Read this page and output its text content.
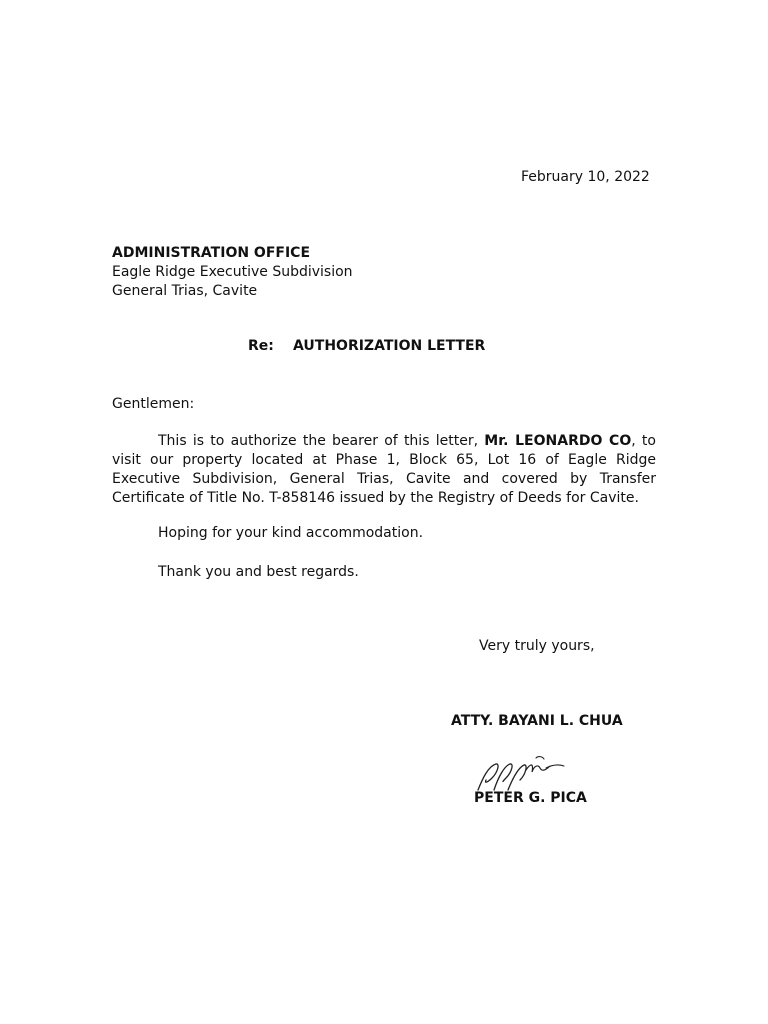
February 10, 2022
ADMINISTRATION OFFICE
Eagle Ridge Executive Subdivision
General Trias, Cavite
Re: AUTHORIZATION LETTER
Gentlemen:
This is to authorize the bearer of this letter, Mr. LEONARDO CO, to visit our property located at Phase 1, Block 65, Lot 16 of Eagle Ridge Executive Subdivision, General Trias, Cavite and covered by Transfer Certificate of Title No. T-858146 issued by the Registry of Deeds for Cavite.
Hoping for your kind accommodation.
Thank you and best regards.
Very truly yours,
ATTY. BAYANI L. CHUA
PETER G. PICA
